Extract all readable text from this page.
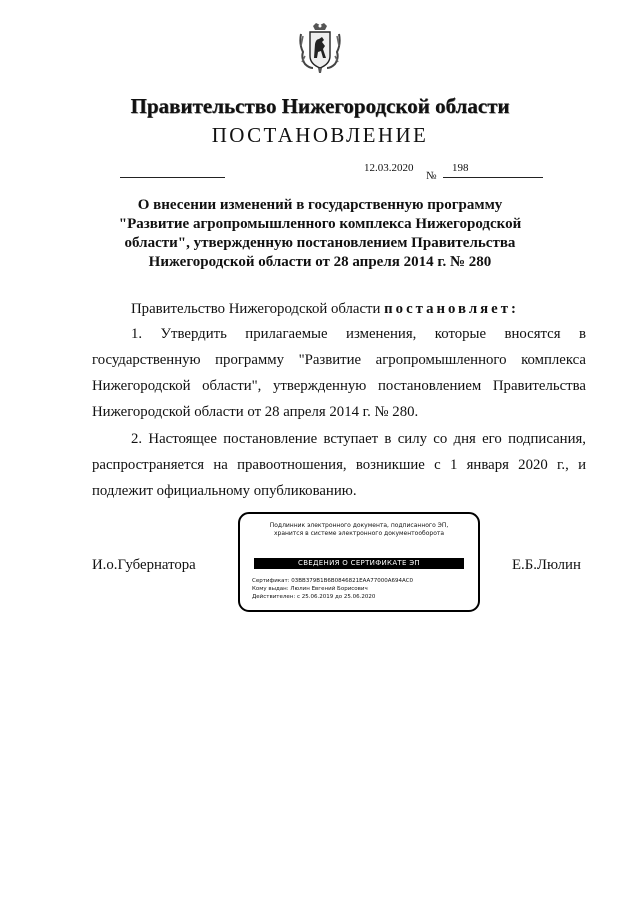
Правительство Нижегородской области
ПОСТАНОВЛЕНИЕ
12.03.2020
№
198
О внесении изменений в государственную программу
"Развитие агропромышленного комплекса Нижегородской
области", утвержденную постановлением Правительства
Нижегородской области от 28 апреля 2014 г. № 280
Правительство Нижегородской области постановляет:
1. Утвердить прилагаемые изменения, которые вносятся в государственную программу "Развитие агропромышленного комплекса Нижегородской области", утвержденную постановлением Правительства Нижегородской области от 28 апреля 2014 г. № 280.
2. Настоящее постановление вступает в силу со дня его подписания, распространяется на правоотношения, возникшие с 1 января 2020 г., и подлежит официальному опубликованию.
И.о.Губернатора	Е.Б.Люлин
Подлинник электронного документа, подписанного ЭП,
хранится в системе электронного документооборота
СВЕДЕНИЯ О СЕРТИФИКАТЕ ЭП
Сертификат: 03BB379B1B6B0846821EAA77000A694AC0
Кому выдан: Люлин Евгений Борисович
Действителен: с 25.06.2019 до 25.06.2020
